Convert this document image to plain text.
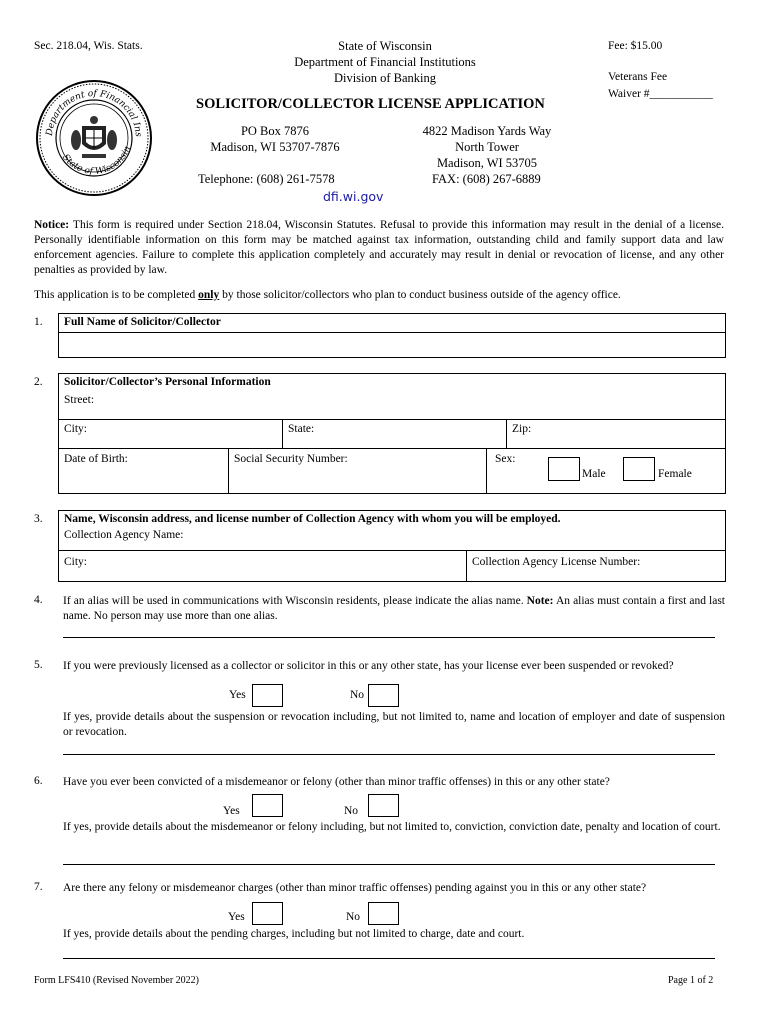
Sec. 218.04, Wis. Stats.	State of Wisconsin
Department of Financial Institutions
Division of Banking
Fee: $15.00
Veterans Fee
Waiver #___________
Department of Financial Ins
State of Wisconsin
SOLICITOR/COLLECTOR LICENSE APPLICATION
PO Box 7876
Madison, WI 53707-7876
4822 Madison Yards Way
North Tower
Madison, WI 53705
Telephone: (608) 261-7578	FAX: (608) 267-6889
dfi.wi.gov
Notice: This form is required under Section 218.04, Wisconsin Statutes. Refusal to provide this information may result in the denial of a license. Personally identifiable information on this form may be matched against tax information, outstanding child and family support data and law enforcement agencies. Failure to complete this application completely and accurately may result in denial or revocation of license, and any other penalties as provided by law.
This application is to be completed only by those solicitor/collectors who plan to conduct business outside of the agency office.
1. Full Name of Solicitor/Collector
2. Solicitor/Collector’s Personal Information
Street:
City:	State:	Zip:
Date of Birth:	Social Security Number:	Sex:
Male	Female
3. Name, Wisconsin address, and license number of Collection Agency with whom you will be employed.
Collection Agency Name:
City:	Collection Agency License Number:
4. If an alias will be used in communications with Wisconsin residents, please indicate the alias name. Note: An alias must contain a first and last name. No person may use more than one alias.
5. If you were previously licensed as a collector or solicitor in this or any other state, has your license ever been suspended or revoked?
Yes	No
If yes, provide details about the suspension or revocation including, but not limited to, name and location of employer and date of suspension or revocation.
6. Have you ever been convicted of a misdemeanor or felony (other than minor traffic offenses) in this or any other state?
Yes	No
If yes, provide details about the misdemeanor or felony including, but not limited to, conviction, conviction date, penalty and location of court.
7. Are there any felony or misdemeanor charges (other than minor traffic offenses) pending against you in this or any other state?
Yes	No
If yes, provide details about the pending charges, including but not limited to charge, date and court.
Form LFS410 (Revised November 2022)	Page 1 of 2
